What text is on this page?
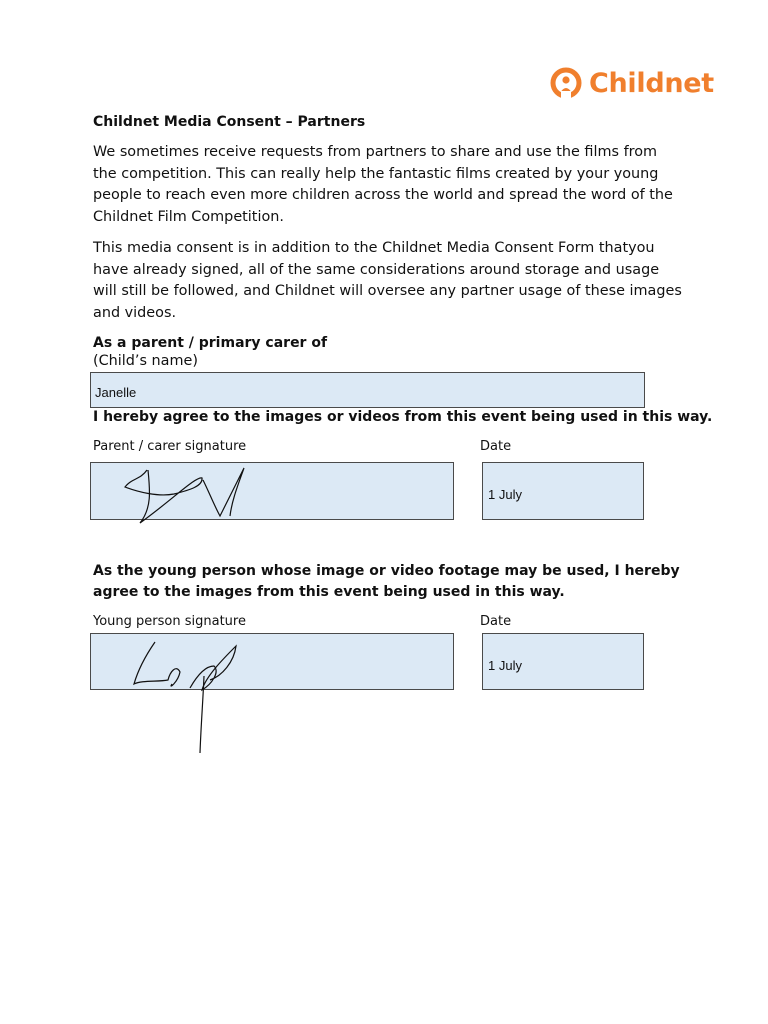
Childnet
Childnet Media Consent – Partners
We sometimes receive requests from partners to share and use the films from the competition. This can really help the fantastic films created by your young people to reach even more children across the world and spread the word of the Childnet Film Competition.
This media consent is in addition to the Childnet Media Consent Form thatyou have already signed, all of the same considerations around storage and usage will still be followed, and Childnet will oversee any partner usage of these images and videos.
As a parent / primary carer of
(Child’s name)
Janelle
I hereby agree to the images or videos from this event being used in this way.
Parent / carer signature	Date
1 July
As the young person whose image or video footage may be used, I hereby
agree to the images from this event being used in this way.
Young person signature	Date
1 July
